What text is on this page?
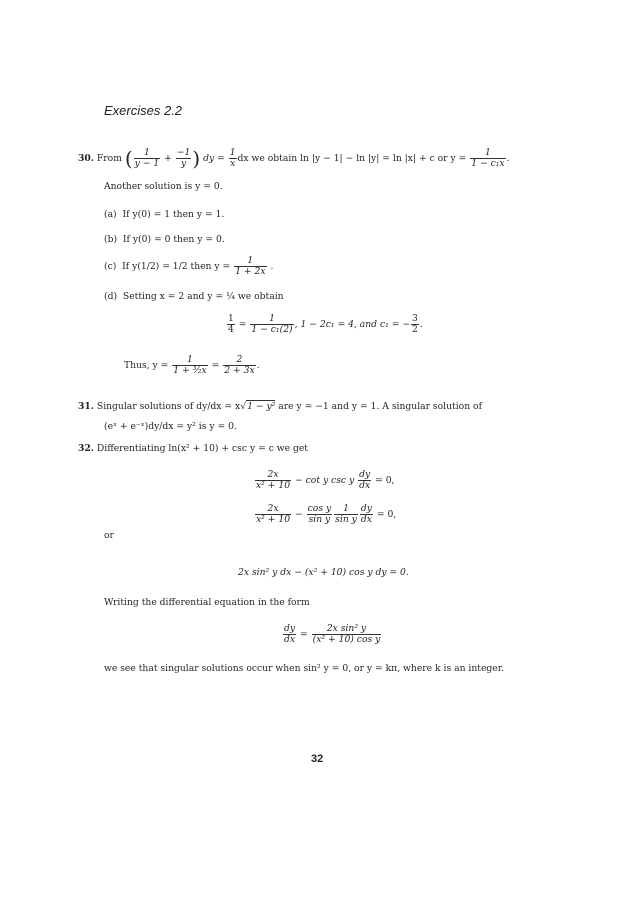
Exercises 2.2
30. From ( $\frac{1}{y - 1} + \frac{-1}{y}$ ) dy = $\frac{1}{x}$ dx we obtain ln |y − 1| − ln |y| = ln |x| + c or $y = \frac{1}{\text{1 − c₁x}}$ .
Another solution is y = 0.
(a) If y(0) = 1 then y = 1.
(b) If y(0) = 0 then y = 0.
(c) If y(1/2) = 1/2 then $y = \frac{1}{1 + 2x}$ .
(d) Setting x = 2 and y = ¼ we obtain
$\frac{1}{4} = \frac{1}{\text{1 − c₁(2)}}$ , 1 − 2c₁ = 4, and c₁ = − $\frac{3}{2}$ .
Thus, $y = \frac{1}{\text{1 + ³⁄₂x}} = \frac{2}{2 + 3x}$ .
31. Singular solutions of dy/dx = x√1 − y² are y = −1 and y = 1. A singular solution of
(eˣ + e⁻ˣ)dy/dx = y² is y = 0.
32. Differentiating ln(x² + 10) + csc y = c we get
$\frac{2x}{\text{x² + 10}} - \cot y$ csc y $\frac{dy}{dx} = 0$,
$\frac{2x}{\text{x² + 10}} - \frac{\text{cos y}}{\text{sin y}} \frac{1}{\text{sin y}} \frac{dy}{dx} = 0$,
or
2x sin² y dx − (x² + 10) cos y dy = 0.
Writing the differential equation in the form
$\frac{dy}{dx} = \frac{\text{2x sin² y}}{\text{(x² + 10) cos y}}$
we see that singular solutions occur when sin² y = 0, or y = kπ, where k is an integer.
32
